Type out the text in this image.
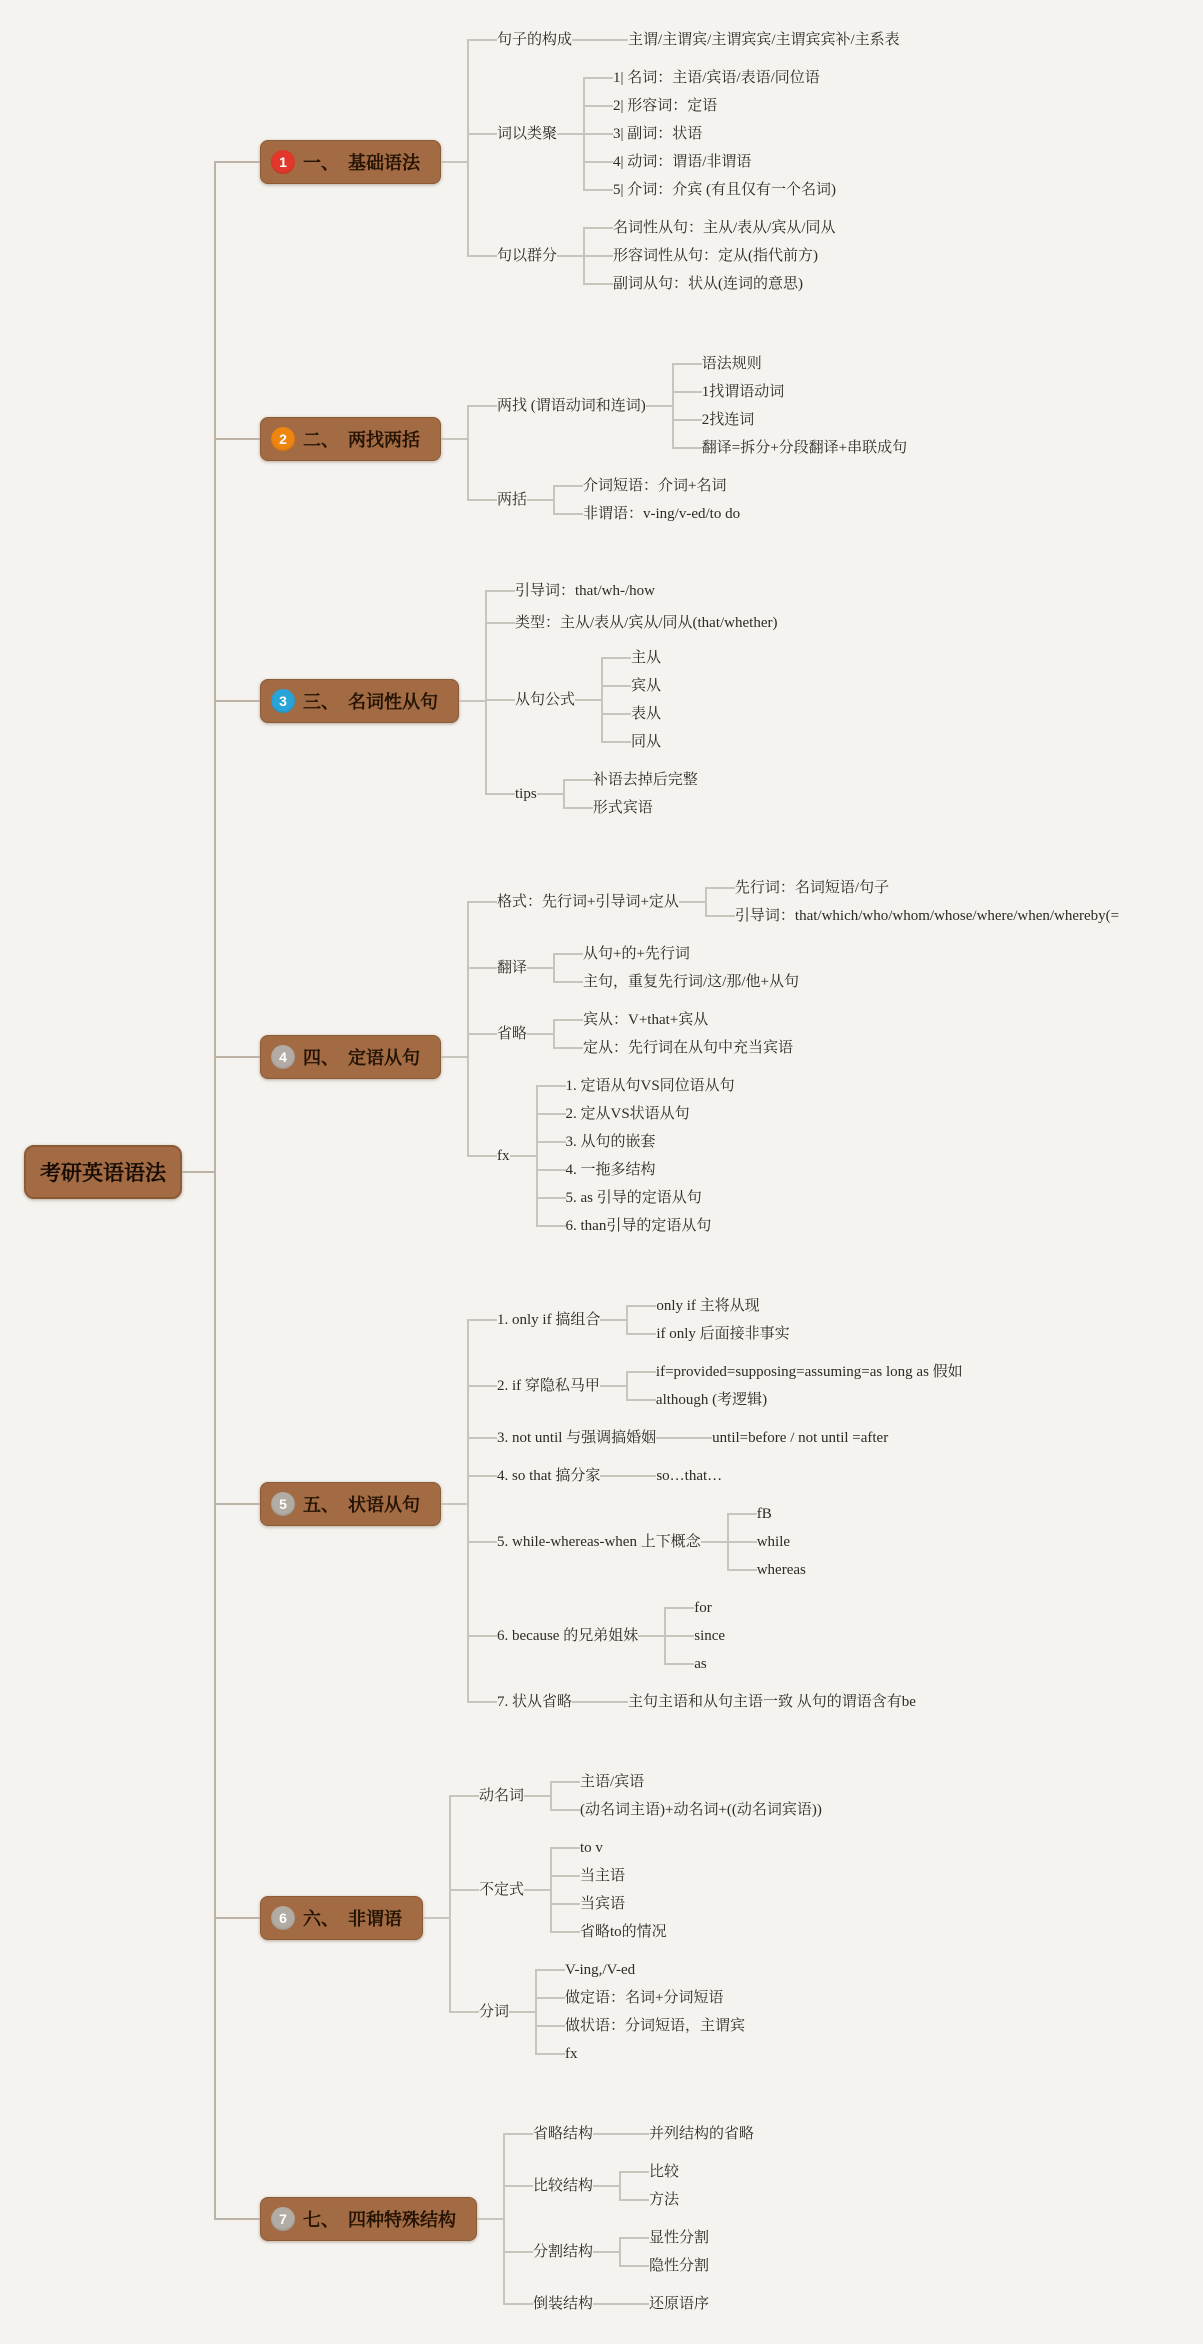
考研英语语法
1 一、　基础语法
句子的构成	主谓/主谓宾/主谓宾宾/主谓宾宾补/主系表
词以类聚
1| 名词：主语/宾语/表语/同位语
2| 形容词：定语
3| 副词：状语
4| 动词：谓语/非谓语
5| 介词：介宾 (有且仅有一个名词)
句以群分
名词性从句：主从/表从/宾从/同从
形容词性从句：定从(指代前方)
副词从句：状从(连词的意思)
2 二、　两找两括
两找 (谓语动词和连词)
语法规则
1找谓语动词
2找连词
翻译=拆分+分段翻译+串联成句
两括
介词短语：介词+名词
非谓语：v-ing/v-ed/to do
3 三、　名词性从句
引导词：that/wh-/how
类型：主从/表从/宾从/同从(that/whether)
从句公式
主从
宾从
表从
同从
tips
补语去掉后完整
形式宾语
4 四、　定语从句
格式：先行词+引导词+定从
先行词：名词短语/句子
引导词：that/which/who/whom/whose/where/when/whereby(=
翻译
从句+的+先行词
主句，重复先行词/这/那/他+从句
省略
宾从：V+that+宾从
定从：先行词在从句中充当宾语
fx
1. 定语从句VS同位语从句
2. 定从VS状语从句
3. 从句的嵌套
4. 一拖多结构
5. as 引导的定语从句
6. than引导的定语从句
5 五、　状语从句
1. only if 搞组合
only if 主将从现
if only 后面接非事实
2. if 穿隐私马甲
if=provided=supposing=assuming=as long as 假如
although (考逻辑)
3. not until 与强调搞婚姻	until=before / not until =after
4. so that 搞分家	so…that…
5. while-whereas-when 上下概念
fB
while
whereas
6. because 的兄弟姐妹
for
since
as
7. 状从省略	主句主语和从句主语一致 从句的谓语含有be
6 六、　非谓语
动名词
主语/宾语
(动名词主语)+动名词+((动名词宾语))
不定式
to v
当主语
当宾语
省略to的情况
分词
V-ing,/V-ed
做定语：名词+分词短语
做状语：分词短语，主谓宾
fx
7 七、　四种特殊结构
省略结构	并列结构的省略
比较结构
比较
方法
分割结构
显性分割
隐性分割
倒装结构	还原语序
